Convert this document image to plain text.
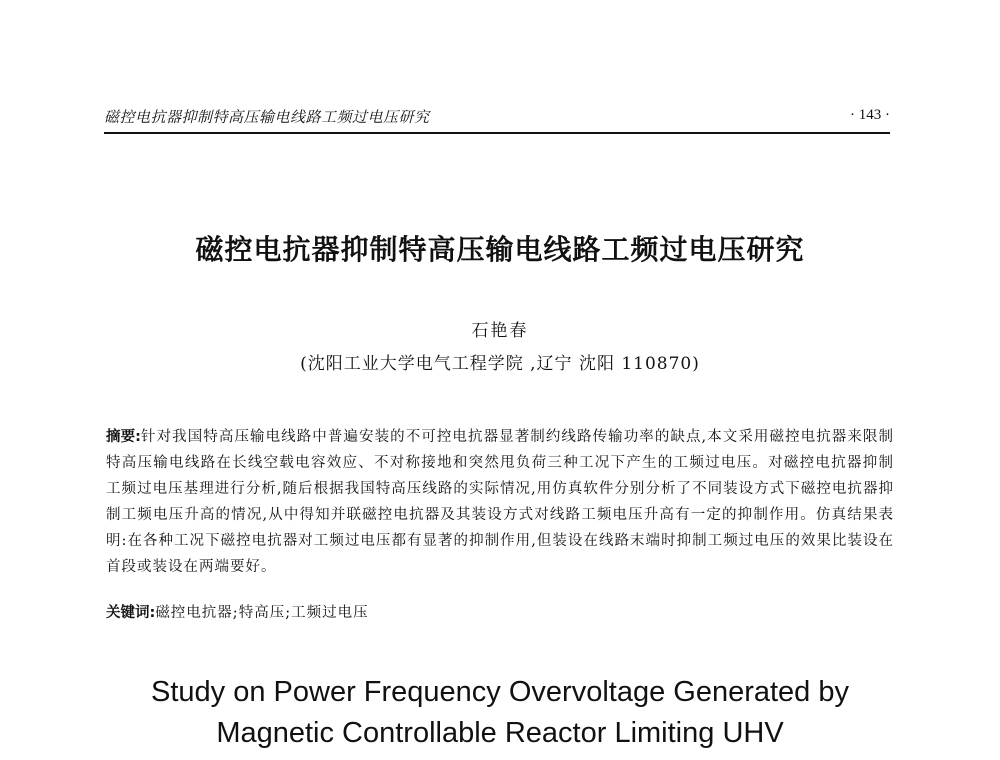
磁控电抗器抑制特高压输电线路工频过电压研究	· 143 ·
磁控电抗器抑制特高压输电线路工频过电压研究
石艳春
(沈阳工业大学电气工程学院 ,辽宁 沈阳 110870)
摘要:针对我国特高压输电线路中普遍安装的不可控电抗器显著制约线路传输功率的缺点,本文采用磁控电抗器来限制特高压输电线路在长线空载电容效应、不对称接地和突然甩负荷三种工况下产生的工频过电压。对磁控电抗器抑制工频过电压基理进行分析,随后根据我国特高压线路的实际情况,用仿真软件分别分析了不同装设方式下磁控电抗器抑制工频电压升高的情况,从中得知并联磁控电抗器及其装设方式对线路工频电压升高有一定的抑制作用。仿真结果表明:在各种工况下磁控电抗器对工频过电压都有显著的抑制作用,但装设在线路末端时抑制工频过电压的效果比装设在首段或装设在两端要好。
关键词:磁控电抗器;特高压;工频过电压
Study on Power Frequency Overvoltage Generated by
Magnetic Controllable Reactor Limiting UHV
